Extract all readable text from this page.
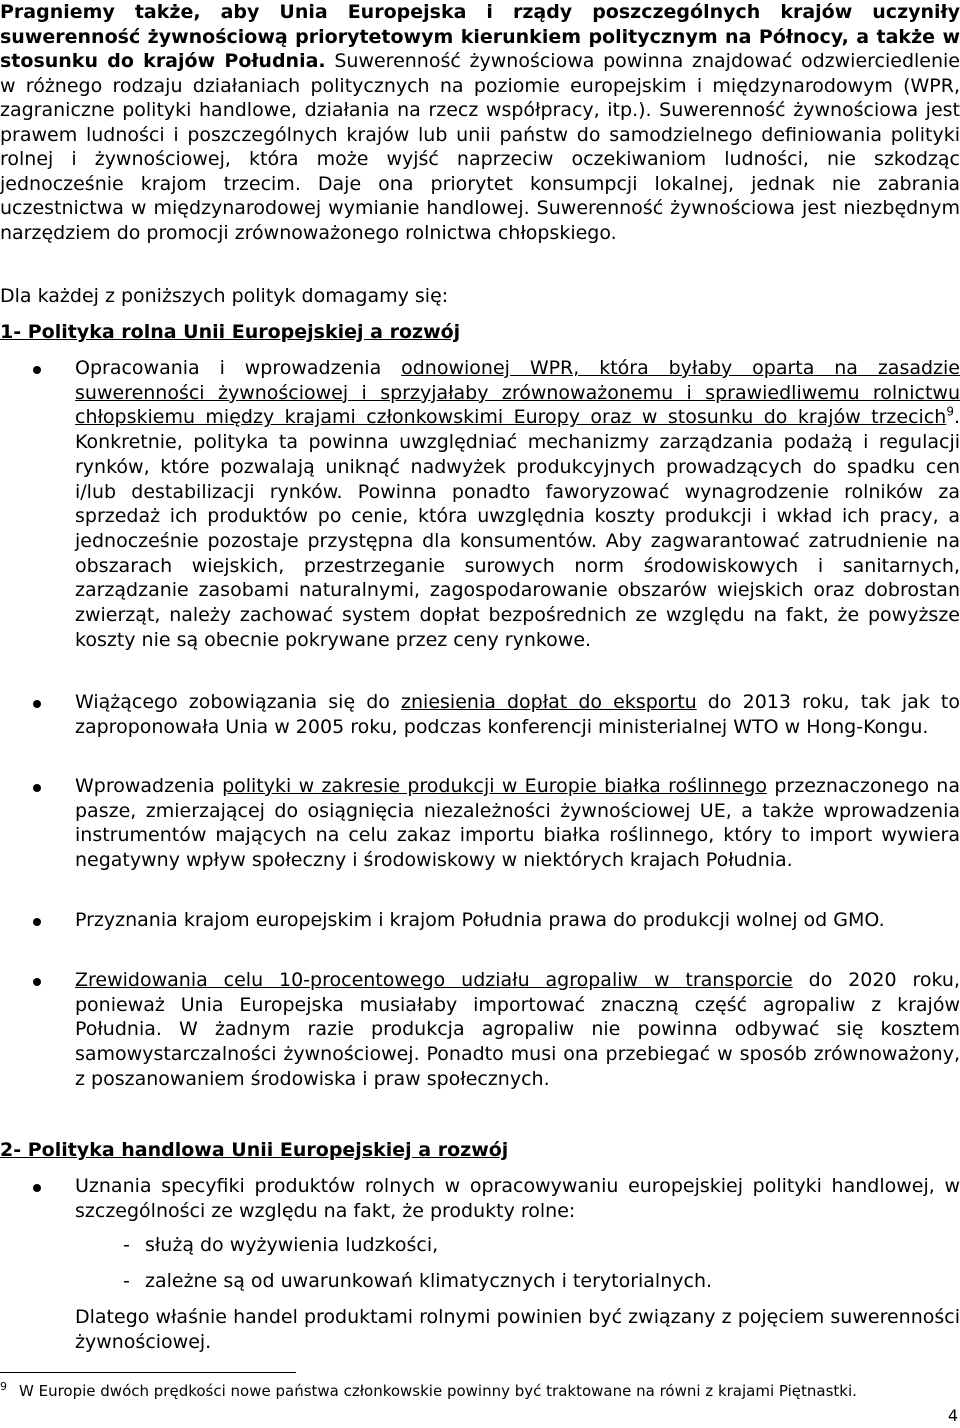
Pragniemy także, aby Unia Europejska i rządy poszczególnych krajów uczyniły suwerenność żywnościową priorytetowym kierunkiem politycznym na Północy, a także w stosunku do krajów Południa. Suwerenność żywnościowa powinna znajdować odzwierciedlenie w różnego rodzaju działaniach politycznych na poziomie europejskim i międzynarodowym (WPR, zagraniczne polityki handlowe, działania na rzecz współpracy, itp.). Suwerenność żywnościowa jest prawem ludności i poszczególnych krajów lub unii państw do samodzielnego definiowania polityki rolnej i żywnościowej, która może wyjść naprzeciw oczekiwaniom ludności, nie szkodząc jednocześnie krajom trzecim. Daje ona priorytet konsumpcji lokalnej, jednak nie zabrania uczestnictwa w międzynarodowej wymianie handlowej. Suwerenność żywnościowa jest niezbędnym narzędziem do promocji zrównoważonego rolnictwa chłopskiego.

Dla każdej z poniższych polityk domagamy się:

1- Polityka rolna Unii Europejskiej a rozwój

Opracowania i wprowadzenia odnowionej WPR, która byłaby oparta na zasadzie suwerenności żywnościowej i sprzyjałaby zrównoważonemu i sprawiedliwemu rolnictwu chłopskiemu między krajami członkowskimi Europy oraz w stosunku do krajów trzecich$^9$. Konkretnie, polityka ta powinna uwzględniać mechanizmy zarządzania podażą i regulacji rynków, które pozwalają uniknąć nadwyżek produkcyjnych prowadzących do spadku cen i/lub destabilizacji rynków. Powinna ponadto faworyzować wynagrodzenie rolników za sprzedaż ich produktów po cenie, która uwzględnia koszty produkcji i wkład ich pracy, a jednocześnie pozostaje przystępna dla konsumentów. Aby zagwarantować zatrudnienie na obszarach wiejskich, przestrzeganie surowych norm środowiskowych i sanitarnych, zarządzanie zasobami naturalnymi, zagospodarowanie obszarów wiejskich oraz dobrostan zwierząt, należy zachować system dopłat bezpośrednich ze względu na fakt, że powyższe koszty nie są obecnie pokrywane przez ceny rynkowe.

Wiążącego zobowiązania się do zniesienia dopłat do eksportu do 2013 roku, tak jak to zaproponowała Unia w 2005 roku, podczas konferencji ministerialnej WTO w Hong-Kongu.

Wprowadzenia polityki w zakresie produkcji w Europie białka roślinnego przeznaczonego na pasze, zmierzającej do osiągnięcia niezależności żywnościowej UE, a także wprowadzenia instrumentów mających na celu zakaz importu białka roślinnego, który to import wywiera negatywny wpływ społeczny i środowiskowy w niektórych krajach Południa.

Przyznania krajom europejskim i krajom Południa prawa do produkcji wolnej od GMO.

Zrewidowania celu 10-procentowego udziału agropaliw w transporcie do 2020 roku, ponieważ Unia Europejska musiałaby importować znaczną część agropaliw z krajów Południa. W żadnym razie produkcja agropaliw nie powinna odbywać się kosztem samowystarczalności żywnościowej. Ponadto musi ona przebiegać w sposób zrównoważony, z poszanowaniem środowiska i praw społecznych.

2- Polityka handlowa Unii Europejskiej a rozwój

Uznania specyfiki produktów rolnych w opracowywaniu europejskiej polityki handlowej, w szczególności ze względu na fakt, że produkty rolne:

- służą do wyżywienia ludzkości,

- zależne są od uwarunkowań klimatycznych i terytorialnych.

Dlatego właśnie handel produktami rolnymi powinien być związany z pojęciem suwerenności żywnościowej.

$^9$ W Europie dwóch prędkości nowe państwa członkowskie powinny być traktowane na równi z krajami Piętnastki.

4
